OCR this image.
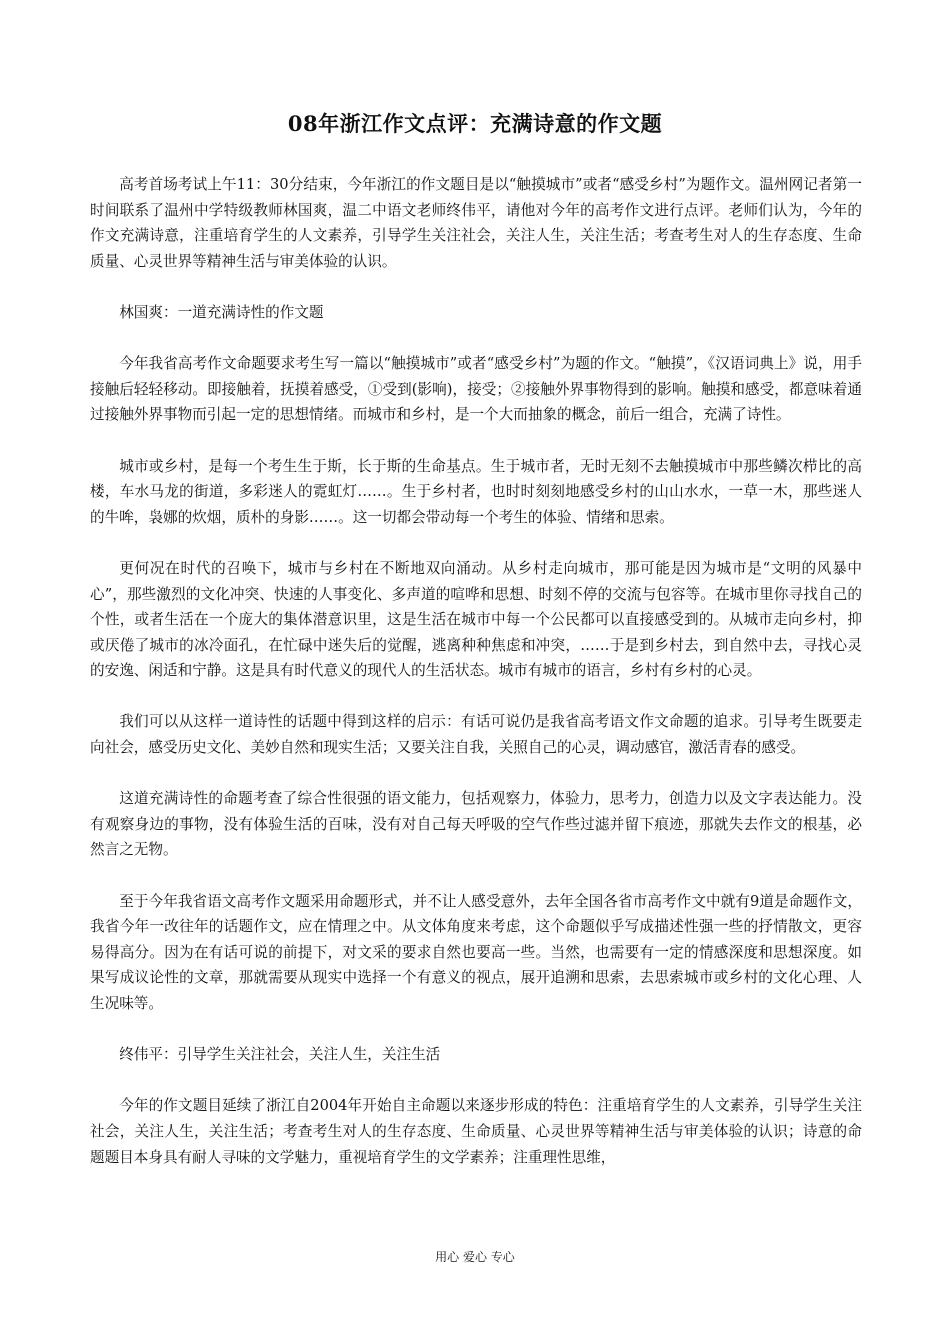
08年浙江作文点评：充满诗意的作文题

高考首场考试上午11：30分结束，今年浙江的作文题目是以“触摸城市”或者“感受乡村”为题作文。温州网记者第一时间联系了温州中学特级教师林国爽，温二中语文老师终伟平，请他对今年的高考作文进行点评。老师们认为，今年的作文充满诗意，注重培育学生的人文素养，引导学生关注社会，关注人生，关注生活；考查考生对人的生存态度、生命质量、心灵世界等精神生活与审美体验的认识。

林国爽：一道充满诗性的作文题

今年我省高考作文命题要求考生写一篇以“触摸城市”或者“感受乡村”为题的作文。“触摸”，《汉语词典上》说，用手接触后轻轻移动。即接触着，抚摸着感受，①受到(影响)，接受；②接触外界事物得到的影响。触摸和感受，都意味着通过接触外界事物而引起一定的思想情绪。而城市和乡村，是一个大而抽象的概念，前后一组合，充满了诗性。

城市或乡村，是每一个考生生于斯，长于斯的生命基点。生于城市者，无时无刻不去触摸城市中那些鳞次栉比的高楼，车水马龙的街道，多彩迷人的霓虹灯……。生于乡村者，也时时刻刻地感受乡村的山山水水，一草一木，那些迷人的牛哞，袅娜的炊烟，质朴的身影……。这一切都会带动每一个考生的体验、情绪和思索。

更何况在时代的召唤下，城市与乡村在不断地双向涌动。从乡村走向城市，那可能是因为城市是“文明的风暴中心”，那些激烈的文化冲突、快速的人事变化、多声道的喧哗和思想、时刻不停的交流与包容等。在城市里你寻找自己的个性，或者生活在一个庞大的集体潜意识里，这是生活在城市中每一个公民都可以直接感受到的。从城市走向乡村，抑或厌倦了城市的冰冷面孔，在忙碌中迷失后的觉醒，逃离种种焦虑和冲突，……于是到乡村去，到自然中去，寻找心灵的安逸、闲适和宁静。这是具有时代意义的现代人的生活状态。城市有城市的语言，乡村有乡村的心灵。

我们可以从这样一道诗性的话题中得到这样的启示：有话可说仍是我省高考语文作文命题的追求。引导考生既要走向社会，感受历史文化、美妙自然和现实生活；又要关注自我，关照自己的心灵，调动感官，激活青春的感受。

这道充满诗性的命题考查了综合性很强的语文能力，包括观察力，体验力，思考力，创造力以及文字表达能力。没有观察身边的事物，没有体验生活的百味，没有对自己每天呼吸的空气作些过滤并留下痕迹，那就失去作文的根基，必然言之无物。

至于今年我省语文高考作文题采用命题形式，并不让人感受意外，去年全国各省市高考作文中就有9道是命题作文，我省今年一改往年的话题作文，应在情理之中。从文体角度来考虑，这个命题似乎写成描述性强一些的抒情散文，更容易得高分。因为在有话可说的前提下，对文采的要求自然也要高一些。当然，也需要有一定的情感深度和思想深度。如果写成议论性的文章，那就需要从现实中选择一个有意义的视点，展开追溯和思索，去思索城市或乡村的文化心理、人生况味等。

终伟平：引导学生关注社会，关注人生，关注生活

今年的作文题目延续了浙江自2004年开始自主命题以来逐步形成的特色：注重培育学生的人文素养，引导学生关注社会，关注人生，关注生活；考查考生对人的生存态度、生命质量、心灵世界等精神生活与审美体验的认识；诗意的命题题目本身具有耐人寻味的文学魅力，重视培育学生的文学素养；注重理性思维，

用心 爱心 专心
